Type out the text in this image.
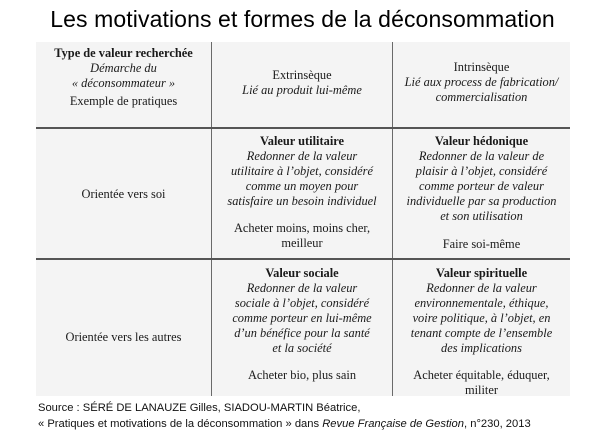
Les motivations et formes de la déconsommation
Type de valeur recherchée
Démarche du
« déconsommateur »
Exemple de pratiques
Extrinsèque
Lié au produit lui-même
Intrinsèque
Lié aux process de fabrication/
commercialisation
Orientée vers soi
Valeur utilitaire
Redonner de la valeur
utilitaire à l’objet, considéré
comme un moyen pour
satisfaire un besoin individuel
Acheter moins, moins cher,
meilleur
Valeur hédonique
Redonner de la valeur de
plaisir à l’objet, considéré
comme porteur de valeur
individuelle par sa production
et son utilisation
Faire soi-même
Orientée vers les autres
Valeur sociale
Redonner de la valeur
sociale à l’objet, considéré
comme porteur en lui-même
d’un bénéfice pour la santé
et la société
Acheter bio, plus sain
Valeur spirituelle
Redonner de la valeur
environnementale, éthique,
voire politique, à l’objet, en
tenant compte de l’ensemble
des implications
Acheter équitable, éduquer,
militer
Source : SÉRÉ DE LANAUZE Gilles, SIADOU-MARTIN Béatrice,
« Pratiques et motivations de la déconsommation » dans Revue Française de Gestion, n°230, 2013
